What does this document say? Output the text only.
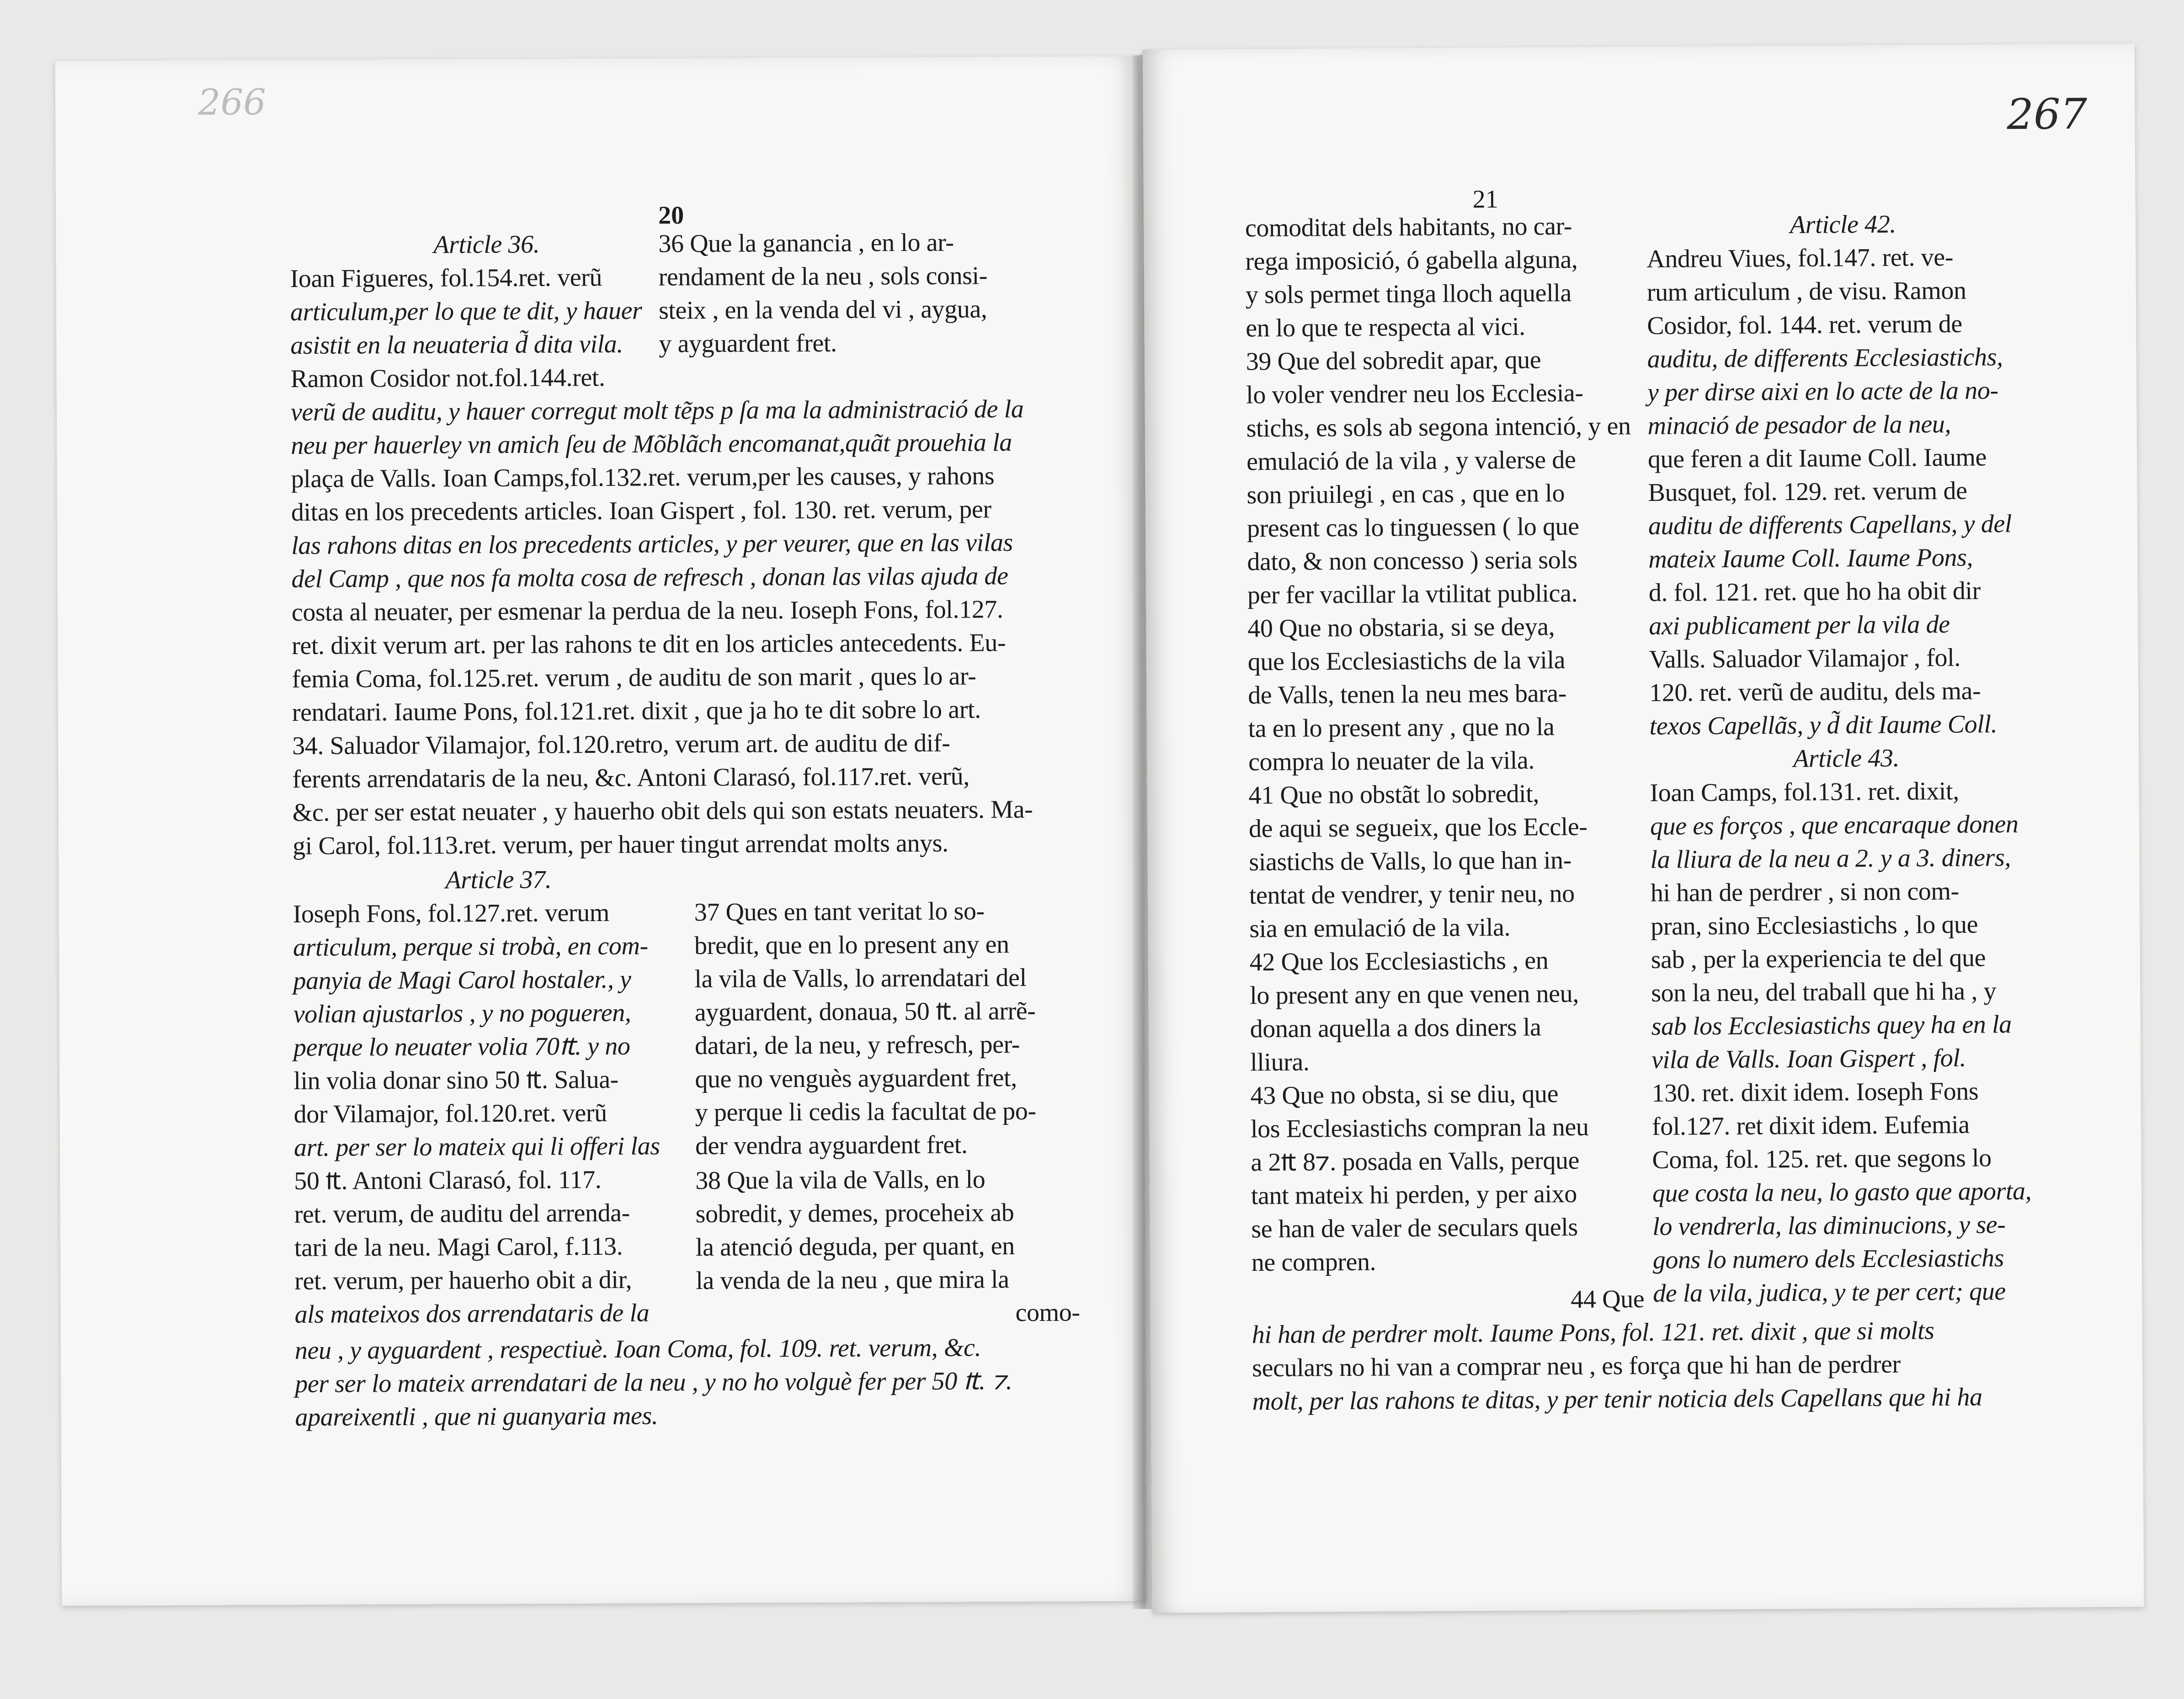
266
20
Article 36.
Ioan Figueres, fol.154.ret. verũ
articulum,per lo que te dit, y hauer
asistit en la neuateria d̃ dita vila.
Ramon Cosidor not.fol.144.ret.
36 Que la ganancia , en lo ar-
rendament de la neu , sols consi-
steix , en la venda del vi , aygua,
y ayguardent fret.
verũ de auditu, y hauer corregut molt tẽps p ſa ma la administració de la
neu per hauerley vn amich ſeu de Mõblãch encomanat,quãt prouehia la
plaça de Valls. Ioan Camps,fol.132.ret. verum,per les causes, y rahons
ditas en los precedents articles. Ioan Gispert , fol. 130. ret. verum, per
las rahons ditas en los precedents articles, y per veurer, que en las vilas
del Camp , que nos fa molta cosa de refresch , donan las vilas ajuda de
costa al neuater, per esmenar la perdua de la neu. Ioseph Fons, fol.127.
ret. dixit verum art. per las rahons te dit en los articles antecedents. Eu-
femia Coma, fol.125.ret. verum , de auditu de son marit , ques lo ar-
rendatari. Iaume Pons, fol.121.ret. dixit , que ja ho te dit sobre lo art.
34. Saluador Vilamajor, fol.120.retro, verum art. de auditu de dif-
ferents arrendataris de la neu, &c. Antoni Clarasó, fol.117.ret. verũ,
&c. per ser estat neuater , y hauerho obit dels qui son estats neuaters. Ma-
gi Carol, fol.113.ret. verum, per hauer tingut arrendat molts anys.
Article 37.
Ioseph Fons, fol.127.ret. verum
articulum, perque si trobà, en com-
panyia de Magi Carol hostaler., y
volian ajustarlos , y no pogueren,
perque lo neuater volia 70₶. y no
lin volia donar sino 50 ₶. Salua-
dor Vilamajor, fol.120.ret. verũ
art. per ser lo mateix qui li offeri las
50 ₶. Antoni Clarasó, fol. 117.
ret. verum, de auditu del arrenda-
tari de la neu. Magi Carol, f.113.
ret. verum, per hauerho obit a dir,
als mateixos dos arrendataris de la
37 Ques en tant veritat lo so-
bredit, que en lo present any en
la vila de Valls, lo arrendatari del
ayguardent, donaua, 50 ₶. al arrẽ-
datari, de la neu, y refresch, per-
que no venguès ayguardent fret,
y perque li cedis la facultat de po-
der vendra ayguardent fret.
38 Que la vila de Valls, en lo
sobredit, y demes, proceheix ab
la atenció deguda, per quant, en
la venda de la neu , que mira la
como-
neu , y ayguardent , respectiuè. Ioan Coma, fol. 109. ret. verum, &c.
per ser lo mateix arrendatari de la neu , y no ho volguè fer per 50 ₶. ⁊.
apareixentli , que ni guanyaria mes.
21
267
comoditat dels habitants, no car-
rega imposició, ó gabella alguna,
y sols permet tinga lloch aquella
en lo que te respecta al vici.
39 Que del sobredit apar, que
lo voler vendrer neu los Ecclesia-
stichs, es sols ab segona intenció, y en
emulació de la vila , y valerse de
son priuilegi , en cas , que en lo
present cas lo tinguessen ( lo que
dato, & non concesso ) seria sols
per fer vacillar la vtilitat publica.
40 Que no obstaria, si se deya,
que los Ecclesiastichs de la vila
de Valls, tenen la neu mes bara-
ta en lo present any , que no la
compra lo neuater de la vila.
41 Que no obstãt lo sobredit,
de aqui se segueix, que los Eccle-
siastichs de Valls, lo que han in-
tentat de vendrer, y tenir neu, no
sia en emulació de la vila.
42 Que los Ecclesiastichs , en
lo present any en que venen neu,
donan aquella a dos diners la
lliura.
43 Que no obsta, si se diu, que
los Ecclesiastichs compran la neu
a 2₶ 8⁊. posada en Valls, perque
tant mateix hi perden, y per aixo
se han de valer de seculars quels
ne compren.
Article 42.
Andreu Viues, fol.147. ret. ve-
rum articulum , de visu. Ramon
Cosidor, fol. 144. ret. verum de
auditu, de differents Ecclesiastichs,
y per dirse aixi en lo acte de la no-
minació de pesador de la neu,
que feren a dit Iaume Coll. Iaume
Busquet, fol. 129. ret. verum de
auditu de differents Capellans, y del
mateix Iaume Coll. Iaume Pons,
d. fol. 121. ret. que ho ha obit dir
axi publicament per la vila de
Valls. Saluador Vilamajor , fol.
120. ret. verũ de auditu, dels ma-
texos Capellãs, y d̃ dit Iaume Coll.
Article 43.
Ioan Camps, fol.131. ret. dixit,
que es forços , que encaraque donen
la lliura de la neu a 2. y a 3. diners,
hi han de perdrer , si non com-
pran, sino Ecclesiastichs , lo que
sab , per la experiencia te del que
son la neu, del traball que hi ha , y
sab los Ecclesiastichs quey ha en la
vila de Valls. Ioan Gispert , fol.
130. ret. dixit idem. Ioseph Fons
fol.127. ret dixit idem. Eufemia
Coma, fol. 125. ret. que segons lo
que costa la neu, lo gasto que aporta,
lo vendrerla, las diminucions, y se-
gons lo numero dels Ecclesiastichs
de la vila, judica, y te per cert; que
44 Que
hi han de perdrer molt. Iaume Pons, fol. 121. ret. dixit , que si molts
seculars no hi van a comprar neu , es força que hi han de perdrer
molt, per las rahons te ditas, y per tenir noticia dels Capellans que hi ha
